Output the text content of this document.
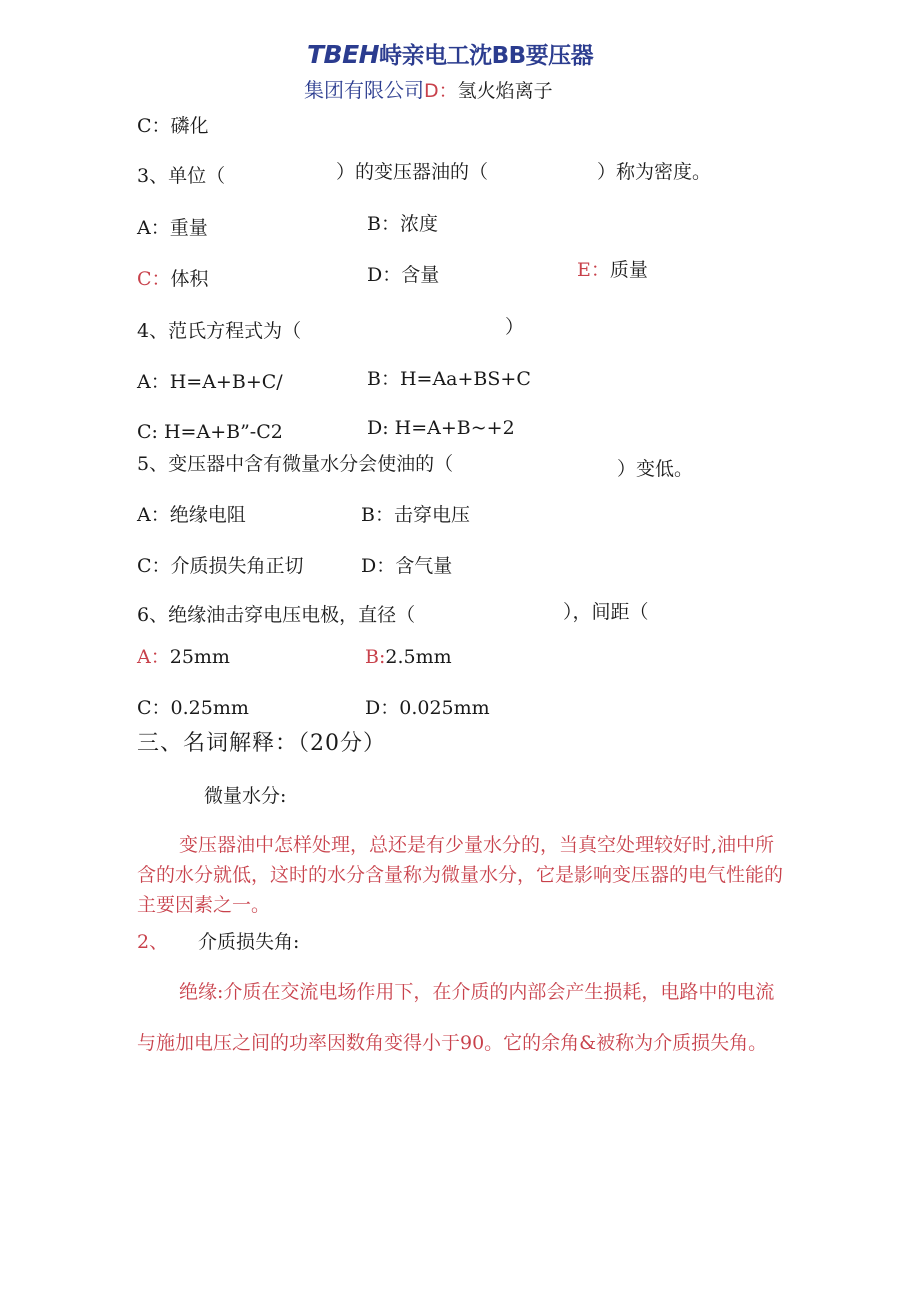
TBEH峙亲电工沈BB要压器
集团有限公司D：氢火焰离子
C：磷化
3、单位（	）的变压器油的（	）称为密度。
A：重量	B：浓度
C：体积	D：含量	E：质量
4、范氏方程式为（	）
A：H=A+B+C/	B：H=Aa+BS+C
C: H=A+B”-C2	D: H=A+B~+2
5、变压器中含有微量水分会使油的（	）变低。
A：绝缘电阻	B：击穿电压
C：介质损失角正切	D：含气量
6、绝缘油击穿电压电极，直径（	），间距（
A：25mm	B:2.5mm
C：0.25mm	D：0.025mm
三、名词解释：（20分）
微量水分:
变压器油中怎样处理，总还是有少量水分的，当真空处理较好时,油中所含的水分就低，这时的水分含量称为微量水分，它是影响变压器的电气性能的主要因素之一。
2、 介质损失角:
绝缘:介质在交流电场作用下，在介质的内部会产生损耗，电路中的电流与施加电压之间的功率因数角变得小于90。它的余角&被称为介质损失角。
